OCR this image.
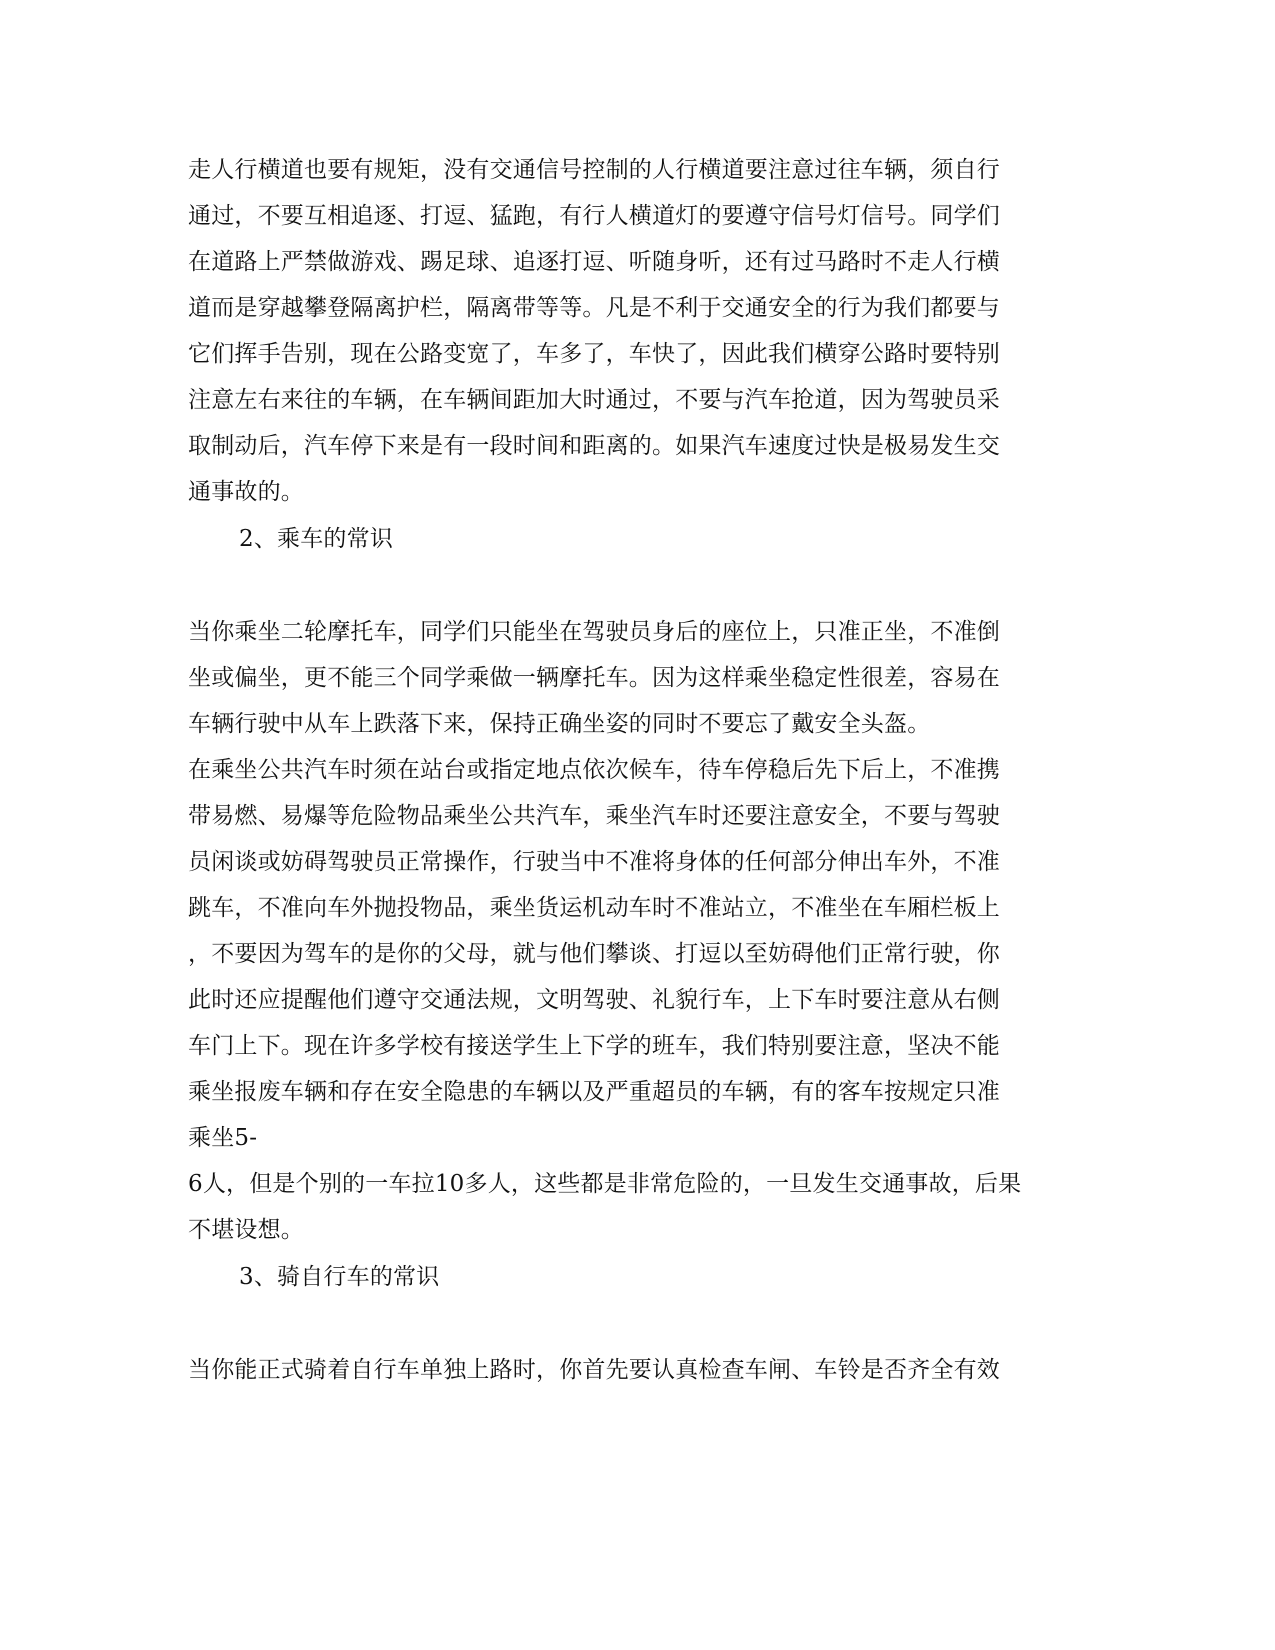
走人行横道也要有规矩，没有交通信号控制的人行横道要注意过往车辆，须自行
通过，不要互相追逐、打逗、猛跑，有行人横道灯的要遵守信号灯信号。同学们
在道路上严禁做游戏、踢足球、追逐打逗、听随身听，还有过马路时不走人行横
道而是穿越攀登隔离护栏，隔离带等等。凡是不利于交通安全的行为我们都要与
它们挥手告别，现在公路变宽了，车多了，车快了，因此我们横穿公路时要特别
注意左右来往的车辆，在车辆间距加大时通过，不要与汽车抢道，因为驾驶员采
取制动后，汽车停下来是有一段时间和距离的。如果汽车速度过快是极易发生交
通事故的。
2、乘车的常识
当你乘坐二轮摩托车，同学们只能坐在驾驶员身后的座位上，只准正坐，不准倒
坐或偏坐，更不能三个同学乘做一辆摩托车。因为这样乘坐稳定性很差，容易在
车辆行驶中从车上跌落下来，保持正确坐姿的同时不要忘了戴安全头盔。
在乘坐公共汽车时须在站台或指定地点依次候车，待车停稳后先下后上，不准携
带易燃、易爆等危险物品乘坐公共汽车，乘坐汽车时还要注意安全，不要与驾驶
员闲谈或妨碍驾驶员正常操作，行驶当中不准将身体的任何部分伸出车外，不准
跳车，不准向车外抛投物品，乘坐货运机动车时不准站立，不准坐在车厢栏板上
，不要因为驾车的是你的父母，就与他们攀谈、打逗以至妨碍他们正常行驶，你
此时还应提醒他们遵守交通法规，文明驾驶、礼貌行车，上下车时要注意从右侧
车门上下。现在许多学校有接送学生上下学的班车，我们特别要注意，坚决不能
乘坐报废车辆和存在安全隐患的车辆以及严重超员的车辆，有的客车按规定只准
乘坐5-
6人，但是个别的一车拉10多人，这些都是非常危险的，一旦发生交通事故，后果
不堪设想。
3、骑自行车的常识
当你能正式骑着自行车单独上路时，你首先要认真检查车闸、车铃是否齐全有效
